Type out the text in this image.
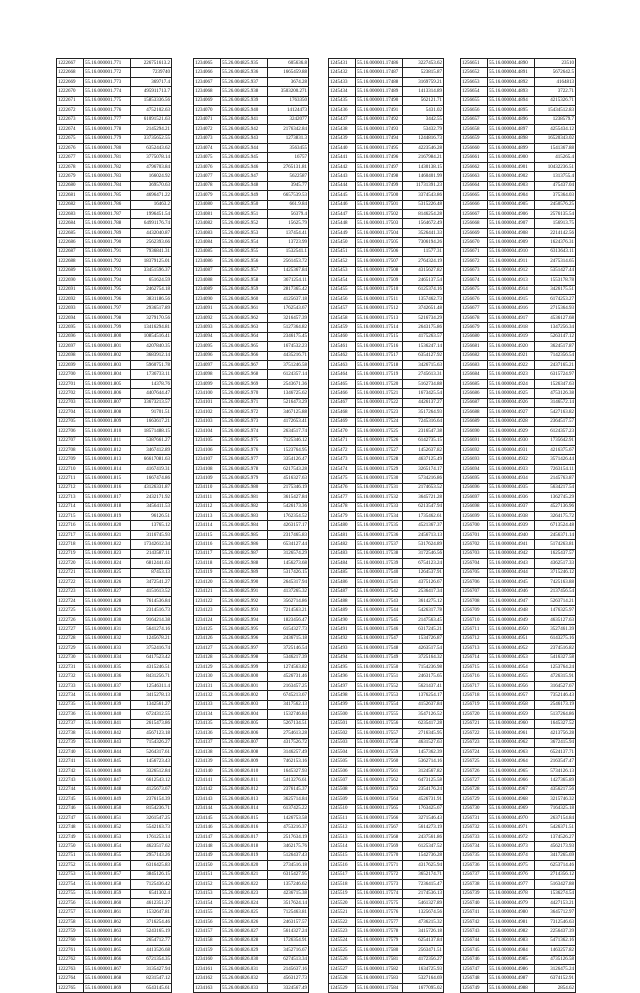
1222667	55.16.000001.771	226751613.2
1222668	55.16.000001.772	7239740
1222669	55.16.000001.773	369717.4
1222670	55.16.000001.774	495911713.7
1222671	55.16.000001.775	15853336.56
1222672	55.16.000001.776	4752102.63
1222673	55.16.000001.777	61091521.63
1222674	55.16.000001.778	2145294.21
1222675	55.16.000001.779	33735652.55
1222676	55.16.000001.780	6352443.62
1222677	55.16.000001.781	3775078.14
1222678	55.16.000001.782	4796703.84
1222679	55.16.000001.783	166024.92
1222680	55.16.000001.784	369570.63
1222681	55.16.000001.785	4696471.22
1222682	55.16.000001.786	16463.2
1222683	55.16.000001.787	1996451.54
1222684	55.16.000001.788	64991176.74
1222685	55.16.000001.789	4432040.87
1222686	55.16.000001.790	2562393.66
1222687	55.16.000001.791	7936841.31
1222688	55.16.000001.792	18379125.01
1222689	55.16.000001.793	33451596.37
1222690	55.16.000001.794	651624.59
1222691	55.16.000001.795	2462754.18
1222692	55.16.000001.796	3831186.56
1222693	55.16.000001.797	2936517.89
1222694	55.16.000001.798	3279170.56
1222695	55.16.000001.799	13416294.81
1222696	55.16.000001.800	10854516.41
1222697	55.16.000001.801	4207840.35
1222698	55.16.000001.802	3683912.14
1222699	55.16.000001.803	5960751.78
1222700	55.16.000001.804	1736733.11
1222701	55.16.000001.805	14378.76
1222702	55.16.000001.806	4407644.47
1222703	55.16.000001.807	33673213.57
1222704	55.16.000001.808	91701.51
1222705	55.16.000001.809	1663617.21
1222706	55.16.000001.810	18571488.15
1222707	55.16.000001.811	5387661.27
1222708	55.16.000001.812	3467412.89
1222709	55.16.000001.813	66617081.63
1222710	55.16.000001.814	4167419.31
1222711	55.16.000001.815	1667474.86
1222712	55.16.000001.816	43126331.87
1222713	55.16.000001.817	2432171.92
1222714	55.16.000001.818	3456411.53
1222715	55.16.000001.819	96126.51
1222716	55.16.000001.820	13765.12
1222717	55.16.000001.821	3116745.93
1222718	55.16.000001.822	17342612.34
1222719	55.16.000001.823	2143587.11
1222720	55.16.000001.824	6812441.63
1222721	55.16.000001.825	87453.13
1222722	55.16.000001.826	3472541.27
1222723	55.16.000001.827	4151613.52
1222724	55.16.000001.828	7614536.84
1222725	55.16.000001.829	2314516.73
1222726	55.16.000001.830	9164214.38
1222727	55.16.000001.831	5641274.16
1222728	55.16.000001.832	1245678.21
1222729	55.16.000001.833	3752416.74
1222730	55.16.000001.834	6417523.42
1222731	55.16.000001.835	4315246.51
1222732	55.16.000001.836	8431256.71
1222733	55.16.000001.837	12546311.4
1222734	55.16.000001.838	3415278.13
1222735	55.16.000001.839	1342561.27
1222736	55.16.000001.840	6724312.55
1222737	55.16.000001.841	2615473.86
1222738	55.16.000001.842	4567123.18
1222739	55.16.000001.843	7154326.27
1222740	55.16.000001.844	5264317.61
1222741	55.16.000001.845	1456723.43
1222742	55.16.000001.846	3326512.84
1222743	55.16.000001.847	6612543.12
1222744	55.16.000001.848	4125673.67
1222745	55.16.000001.849	2376154.39
1222746	55.16.000001.850	8154236.71
1222747	55.16.000001.851	3261547.25
1222748	55.16.000001.852	5542163.73
1222749	55.16.000001.853	1761253.14
1222750	55.16.000001.854	4623517.62
1222751	55.16.000001.855	2957143.26
1222752	55.16.000001.856	6316425.83
1222753	55.16.000001.857	3845126.15
1222754	55.16.000001.858	7125436.42
1222755	55.16.000001.859	6541302.4
1222756	55.16.000001.860	4612351.27
1222757	55.16.000001.861	1532647.81
1222758	55.16.000001.862	3716254.46
1222759	55.16.000001.863	5243165.19
1222760	55.16.000001.864	2654712.77
1222761	55.16.000001.865	4413526.68
1222762	55.16.000001.866	6721354.35
1222763	55.16.000001.867	3135427.94
1222764	55.16.000001.868	8231547.12
1222765	55.16.000001.869	6543145.61
1234065	55.26.004825.935	605636.8
1234066	55.26.004825.936	1665459.88
1234067	55.26.004825.937	3674.28
1234068	55.26.004825.938	3503200.271
1234069	55.26.004825.939	1763350
1234070	55.26.004825.940	14124473
1234071	55.26.004825.941	3242077
1234072	55.26.004825.942	2176342.84
1234073	55.26.004825.943	1273831.3
1234074	55.26.004825.944	3563455
1234075	55.26.004825.945	16757
1234076	55.26.004825.946	2765131.81
1234077	55.26.004825.947	5622587
1234078	55.26.004825.948	3945.77
1234079	55.26.004825.949	6657539.53
1234080	55.26.004825.950	661.9.84
1234081	55.26.004825.951	56379.4
1234082	55.26.004825.952	15625.79
1234083	55.26.004825.953	137454.41
1234084	55.26.004825.954	13723.99
1234085	55.26.004825.955	1532541.1
1234086	55.26.004825.956	2561453.72
1234087	55.26.004825.957	1425367.84
1234088	55.26.004825.958	3671254.11
1234089	55.26.004825.959	2817365.42
1234090	55.26.004825.960	4125637.18
1234091	55.26.004825.961	1762543.67
1234092	55.26.004825.962	3216457.39
1234093	55.26.004825.963	5127364.82
1234094	55.26.004825.964	2346175.45
1234095	55.26.004825.965	1674532.23
1234096	55.26.004825.966	4435216.71
1234097	55.26.004825.967	3751246.58
1234098	55.26.004825.968	6124357.14
1234099	55.26.004825.969	2543671.36
1234100	55.26.004825.970	1346725.62
1234101	55.26.004825.971	5216473.29
1234102	55.26.004825.972	3467125.88
1234103	55.26.004825.973	4172653.41
1234104	55.26.004825.974	2634517.74
1234105	55.26.004825.975	7125346.12
1234106	55.26.004825.976	1523764.95
1234107	55.26.004825.977	3354126.47
1234108	55.26.004825.978	6217543.28
1234109	55.26.004825.979	4516327.63
1234110	55.26.004825.980	2175346.19
1234111	55.26.004825.981	3615427.84
1234112	55.26.004825.982	5426173.36
1234113	55.26.004825.983	1762354.52
1234114	55.26.004825.984	4263157.17
1234115	55.26.004825.985	2317465.83
1234116	55.26.004825.986	6534127.44
1234117	55.26.004825.987	3126574.29
1234118	55.26.004825.988	1456273.68
1234119	55.26.004825.989	5317426.15
1234120	55.26.004825.990	2645317.94
1234121	55.26.004825.991	4137265.32
1234122	55.26.004825.992	3562714.86
1234123	55.26.004825.993	7214563.21
1234124	55.26.004825.994	1823456.47
1234125	55.26.004825.995	6154327.73
1234126	55.26.004825.996	2436715.18
1234127	55.26.004825.997	3725146.54
1234128	55.26.004825.998	5346217.39
1234129	55.26.004825.999	1274563.82
1234130	55.26.004826.000	4526731.46
1234131	55.26.004826.001	2163457.25
1234132	55.26.004826.002	6745213.67
1234133	55.26.004826.003	3417562.13
1234134	55.26.004826.004	1532746.84
1234135	55.26.004826.005	5267134.51
1234136	55.26.004826.006	2754613.28
1234137	55.26.004826.007	4317526.72
1234138	55.26.004826.008	3146257.49
1234139	55.26.004826.009	7462153.16
1234140	55.26.004826.010	1645327.93
1234141	55.26.004826.011	5413276.61
1234142	55.26.004826.012	2376145.37
1234143	55.26.004826.013	3625714.84
1234144	55.26.004826.014	6137425.22
1234145	55.26.004826.015	1426753.58
1234146	55.26.004826.016	4753216.37
1234147	55.26.004826.017	2517634.19
1234148	55.26.004826.018	3462175.76
1234149	55.26.004826.019	5126437.43
1234150	55.26.004826.020	2734516.18
1234151	55.26.004826.021	6315427.95
1234152	55.26.004826.022	1357246.62
1234153	55.26.004826.023	4236715.38
1234154	55.26.004826.024	3517624.14
1234155	55.26.004826.025	7125463.81
1234156	55.26.004826.026	2463157.57
1234157	55.26.004826.027	5614327.24
1234158	55.26.004826.028	1726354.91
1234159	55.26.004826.029	3452716.67
1234160	55.26.004826.030	6274513.34
1234161	55.26.004826.031	2145637.16
1234162	55.26.004826.032	4563127.73
1234163	55.26.004826.033	3324567.49
1245431	55.16.000001.17486	3227453.62
1245432	55.16.000001.17487	523815.87
1245433	55.16.000001.17488	3169759.21
1245434	55.16.000001.17489	1413314.89
1245435	55.16.000001.17490	562121.71
1245436	55.16.000001.17491	5431.02
1245437	55.16.000001.17492	3442.55
1245438	55.16.000001.17493	53432.79
1245439	55.16.000001.17494	1244816.73
1245440	55.16.000001.17495	4223546.28
1245441	55.16.000001.17496	2167984.21
1245442	55.16.000001.17497	1430138.15
1245443	55.16.000001.17498	1460401.99
1245444	55.16.000001.17499	11731391.23
1245445	55.16.000001.17500	3374543.86
1245446	55.16.000001.17501	5315226.48
1245447	55.16.000001.17502	8146254.28
1245448	55.16.000001.17503	1564672.49
1245449	55.16.000001.17504	3526441.33
1245450	55.16.000001.17505	7306194.26
1245451	55.16.000001.17506	11577.31
1245452	55.16.000001.17507	2764324.19
1245453	55.16.000001.17508	4315627.82
1245454	55.16.000001.17509	2465137.54
1245455	55.16.000001.17510	6125374.16
1245456	55.16.000001.17511	1357462.73
1245457	55.16.000001.17512	3742651.48
1245458	55.16.000001.17513	5216734.29
1245459	55.16.000001.17514	2643175.86
1245460	55.16.000001.17515	4175263.57
1245461	55.16.000001.17516	1536247.14
1245462	55.16.000001.17517	6354127.92
1245463	55.16.000001.17518	3426715.63
1245464	55.16.000001.17519	2745613.31
1245465	55.16.000001.17520	5162734.88
1245466	55.16.000001.17521	1673425.54
1245467	55.16.000001.17522	4426137.27
1245468	55.16.000001.17523	3517264.93
1245469	55.16.000001.17524	7245316.64
1245470	55.16.000001.17525	2316547.38
1245471	55.16.000001.17526	6142735.15
1245472	55.16.000001.17527	1452637.82
1245473	55.16.000001.17528	4637125.49
1245474	55.16.000001.17529	3265174.17
1245475	55.16.000001.17530	5734216.86
1245476	55.16.000001.17531	2174653.52
1245477	55.16.000001.17532	3645721.28
1245478	55.16.000001.17533	6213547.94
1245479	55.16.000001.17534	1735462.61
1245480	55.16.000001.17535	4521367.37
1245481	55.16.000001.17536	2456713.13
1245482	55.16.000001.17537	5317624.89
1245483	55.16.000001.17538	3172546.56
1245484	55.16.000001.17539	6754123.24
1245485	55.16.000001.17540	1264537.91
1245486	55.16.000001.17541	4375126.67
1245487	55.16.000001.17542	2536417.34
1245488	55.16.000001.17543	3614275.12
1245489	55.16.000001.17544	5426317.78
1245490	55.16.000001.17545	2147563.45
1245491	55.16.000001.17546	6317245.21
1245492	55.16.000001.17547	1534726.87
1245493	55.16.000001.17548	4263517.54
1245494	55.16.000001.17549	3725164.32
1245495	55.16.000001.17550	7154236.98
1245496	55.16.000001.17551	2463175.65
1245497	55.16.000001.17552	5621437.41
1245498	55.16.000001.17553	1376254.17
1245499	55.16.000001.17554	4152637.84
1245500	55.16.000001.17555	3547126.52
1245501	55.16.000001.17556	6235417.28
1245502	55.16.000001.17557	2716345.95
1245503	55.16.000001.17558	4631527.63
1245504	55.16.000001.17559	1457362.39
1245505	55.16.000001.17560	5362714.16
1245506	55.16.000001.17561	3124567.82
1245507	55.16.000001.17562	6473125.58
1245508	55.16.000001.17563	2354176.24
1245509	55.16.000001.17564	4526731.91
1245510	55.16.000001.17565	1763425.67
1245511	55.16.000001.17566	3271546.43
1245512	55.16.000001.17567	5614273.19
1245513	55.16.000001.17568	2437561.86
1245514	55.16.000001.17569	6125347.52
1245515	55.16.000001.17570	1542736.28
1245516	55.16.000001.17571	4317625.94
1245517	55.16.000001.17572	3652174.71
1245518	55.16.000001.17573	7236415.47
1245519	55.16.000001.17574	2174536.13
1245520	55.16.000001.17575	5461327.89
1245521	55.16.000001.17576	1325674.56
1245522	55.16.000001.17577	4736215.32
1245523	55.16.000001.17578	3415726.18
1245524	55.16.000001.17579	6254137.84
1245525	55.16.000001.17580	2563471.51
1245526	55.16.000001.17581	4172356.27
1245527	55.16.000001.17582	1634725.93
1245528	55.16.000001.17583	5327164.69
1245529	55.16.000001.17584	1677095.02
1256651	55.16.000004.4890	23510
1256652	55.16.000004.4891	5672642.5
1256653	55.16.000004.4892	4164813
1256654	55.16.000004.4893	3722.71
1256655	55.16.000004.4894	4215326.71
1256656	55.16.000004.4895	15434512.83
1256657	55.16.000004.4896	1238579.7
1256658	55.16.000004.4897	4255434.12
1256659	55.16.000004.4898	16520343.02
1256660	55.16.000004.4899	1541367.88
1256661	55.16.000004.4900	415265.4
1256662	55.16.000004.4901	10432236.51
1256663	55.16.000004.4902	1313755.4
1256664	55.16.000004.4903	475437.04
1256665	55.16.000004.4904	375364.03
1256666	55.16.000004.4905	2450576.25
1256667	55.16.000004.4906	2576135.54
1256668	55.16.000004.4907	156913.75
1256669	55.16.000004.4908	2214142.56
1256670	55.16.000004.4909	1624376.31
1256671	55.16.000004.4910	6313643.11
1256672	55.16.000004.4911	2475314.65
1256673	55.16.000004.4912	5351427.44
1256674	55.16.000004.4913	1553178.78
1256675	55.16.000004.4914	3426175.51
1256676	55.16.000004.4915	6174253.27
1256677	55.16.000004.4916	2715364.93
1256678	55.16.000004.4917	4536127.68
1256679	55.16.000004.4918	1347256.34
1256680	55.16.000004.4919	5263147.12
1256681	55.16.000004.4920	3624517.87
1256682	55.16.000004.4921	7142356.54
1256683	55.16.000004.4922	2437165.21
1256684	55.16.000004.4923	6315724.97
1256685	55.16.000004.4924	1526347.63
1256686	55.16.000004.4925	4753126.38
1256687	55.16.000004.4926	3146572.14
1256688	55.16.000004.4927	5427163.82
1256689	55.16.000004.4928	2364517.57
1256690	55.16.000004.4929	6124357.23
1256691	55.16.000004.4930	1735642.91
1256692	55.16.000004.4931	4216375.67
1256693	55.16.000004.4932	3571426.44
1256694	55.16.000004.4933	7263154.11
1256695	55.16.000004.4934	2145763.87
1256696	55.16.000004.4935	5634217.54
1256697	55.16.000004.4936	1362745.29
1256698	55.16.000004.4937	4527136.96
1256699	55.16.000004.4938	3264175.72
1256700	55.16.000004.4939	6713524.48
1256701	55.16.000004.4940	2456371.14
1256702	55.16.000004.4941	5174263.81
1256703	55.16.000004.4942	1625437.57
1256704	55.16.000004.4943	4362517.33
1256705	55.16.000004.4944	3715246.12
1256706	55.16.000004.4945	7425163.88
1256707	55.16.000004.4946	2137456.54
1256708	55.16.000004.4947	5263714.21
1256709	55.16.000004.4948	1476325.97
1256710	55.16.000004.4949	4635127.63
1256711	55.16.000004.4950	3527461.39
1256712	55.16.000004.4951	6143275.16
1256713	55.16.000004.4952	2374516.82
1256714	55.16.000004.4953	5416327.58
1256715	55.16.000004.4954	1253764.24
1256716	55.16.000004.4955	4726315.91
1256717	55.16.000004.4956	3164527.67
1256718	55.16.000004.4957	7352146.43
1256719	55.16.000004.4958	2546173.19
1256720	55.16.000004.4959	5137264.86
1256721	55.16.000004.4960	1645327.52
1256722	55.16.000004.4961	4213756.28
1256723	55.16.000004.4962	3672415.94
1256724	55.16.000004.4963	6524137.71
1256725	55.16.000004.4964	2163547.47
1256726	55.16.000004.4965	5734126.13
1256727	55.16.000004.4966	1427365.89
1256728	55.16.000004.4967	4356217.56
1256729	55.16.000004.4968	3215746.32
1256730	55.16.000004.4969	7164325.18
1256731	55.16.000004.4970	2637154.84
1256732	55.16.000004.4971	5426371.51
1256733	55.16.000004.4972	1374526.27
1256734	55.16.000004.4973	4562173.93
1256735	55.16.000004.4974	3417265.69
1256736	55.16.000004.4975	6253714.46
1256737	55.16.000004.4976	2714356.12
1256738	55.16.000004.4977	5163427.88
1256739	55.16.000004.4978	1536274.54
1256740	55.16.000004.4979	4427153.21
1256741	55.16.000004.4980	3645712.97
1256742	55.16.000004.4981	7312546.63
1256743	55.16.000004.4982	2256437.39
1256744	55.16.000004.4983	5471362.16
1256745	55.16.000004.4984	1463257.82
1256746	55.16.000004.4985	4735126.58
1256747	55.16.000004.4986	3126475.24
1256748	55.16.000004.4987	6374152.91
1256749	55.16.000004.4988	2854.62
